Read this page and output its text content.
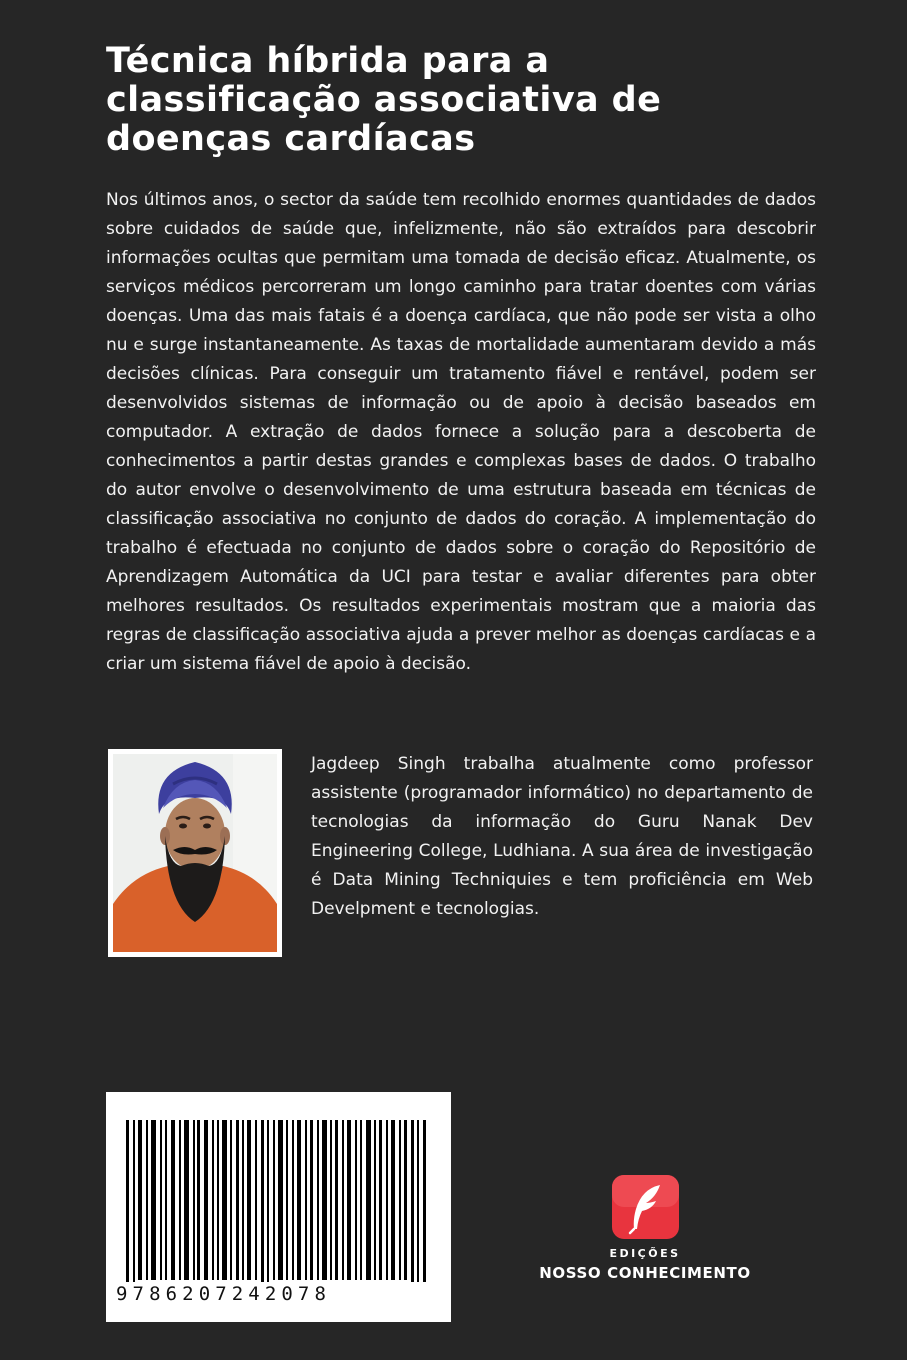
Técnica híbrida para a classificação associativa de doenças cardíacas

Nos últimos anos, o sector da saúde tem recolhido enormes quantidades de dados sobre cuidados de saúde que, infelizmente, não são extraídos para descobrir informações ocultas que permitam uma tomada de decisão eficaz. Atualmente, os serviços médicos percorreram um longo caminho para tratar doentes com várias doenças. Uma das mais fatais é a doença cardíaca, que não pode ser vista a olho nu e surge instantaneamente. As taxas de mortalidade aumentaram devido a más decisões clínicas. Para conseguir um tratamento fiável e rentável, podem ser desenvolvidos sistemas de informação ou de apoio à decisão baseados em computador. A extração de dados fornece a solução para a descoberta de conhecimentos a partir destas grandes e complexas bases de dados. O trabalho do autor envolve o desenvolvimento de uma estrutura baseada em técnicas de classificação associativa no conjunto de dados do coração. A implementação do trabalho é efectuada no conjunto de dados sobre o coração do Repositório de Aprendizagem Automática da UCI para testar e avaliar diferentes para obter melhores resultados. Os resultados experimentais mostram que a maioria das regras de classificação associativa ajuda a prever melhor as doenças cardíacas e a criar um sistema fiável de apoio à decisão.

Jagdeep Singh trabalha atualmente como professor assistente (programador informático) no departamento de tecnologias da informação do Guru Nanak Dev Engineering College, Ludhiana. A sua área de investigação é Data Mining Techniquies e tem proficiência em Web Develpment e tecnologias.

9786207242078
EDIÇÕES
NOSSO CONHECIMENTO
